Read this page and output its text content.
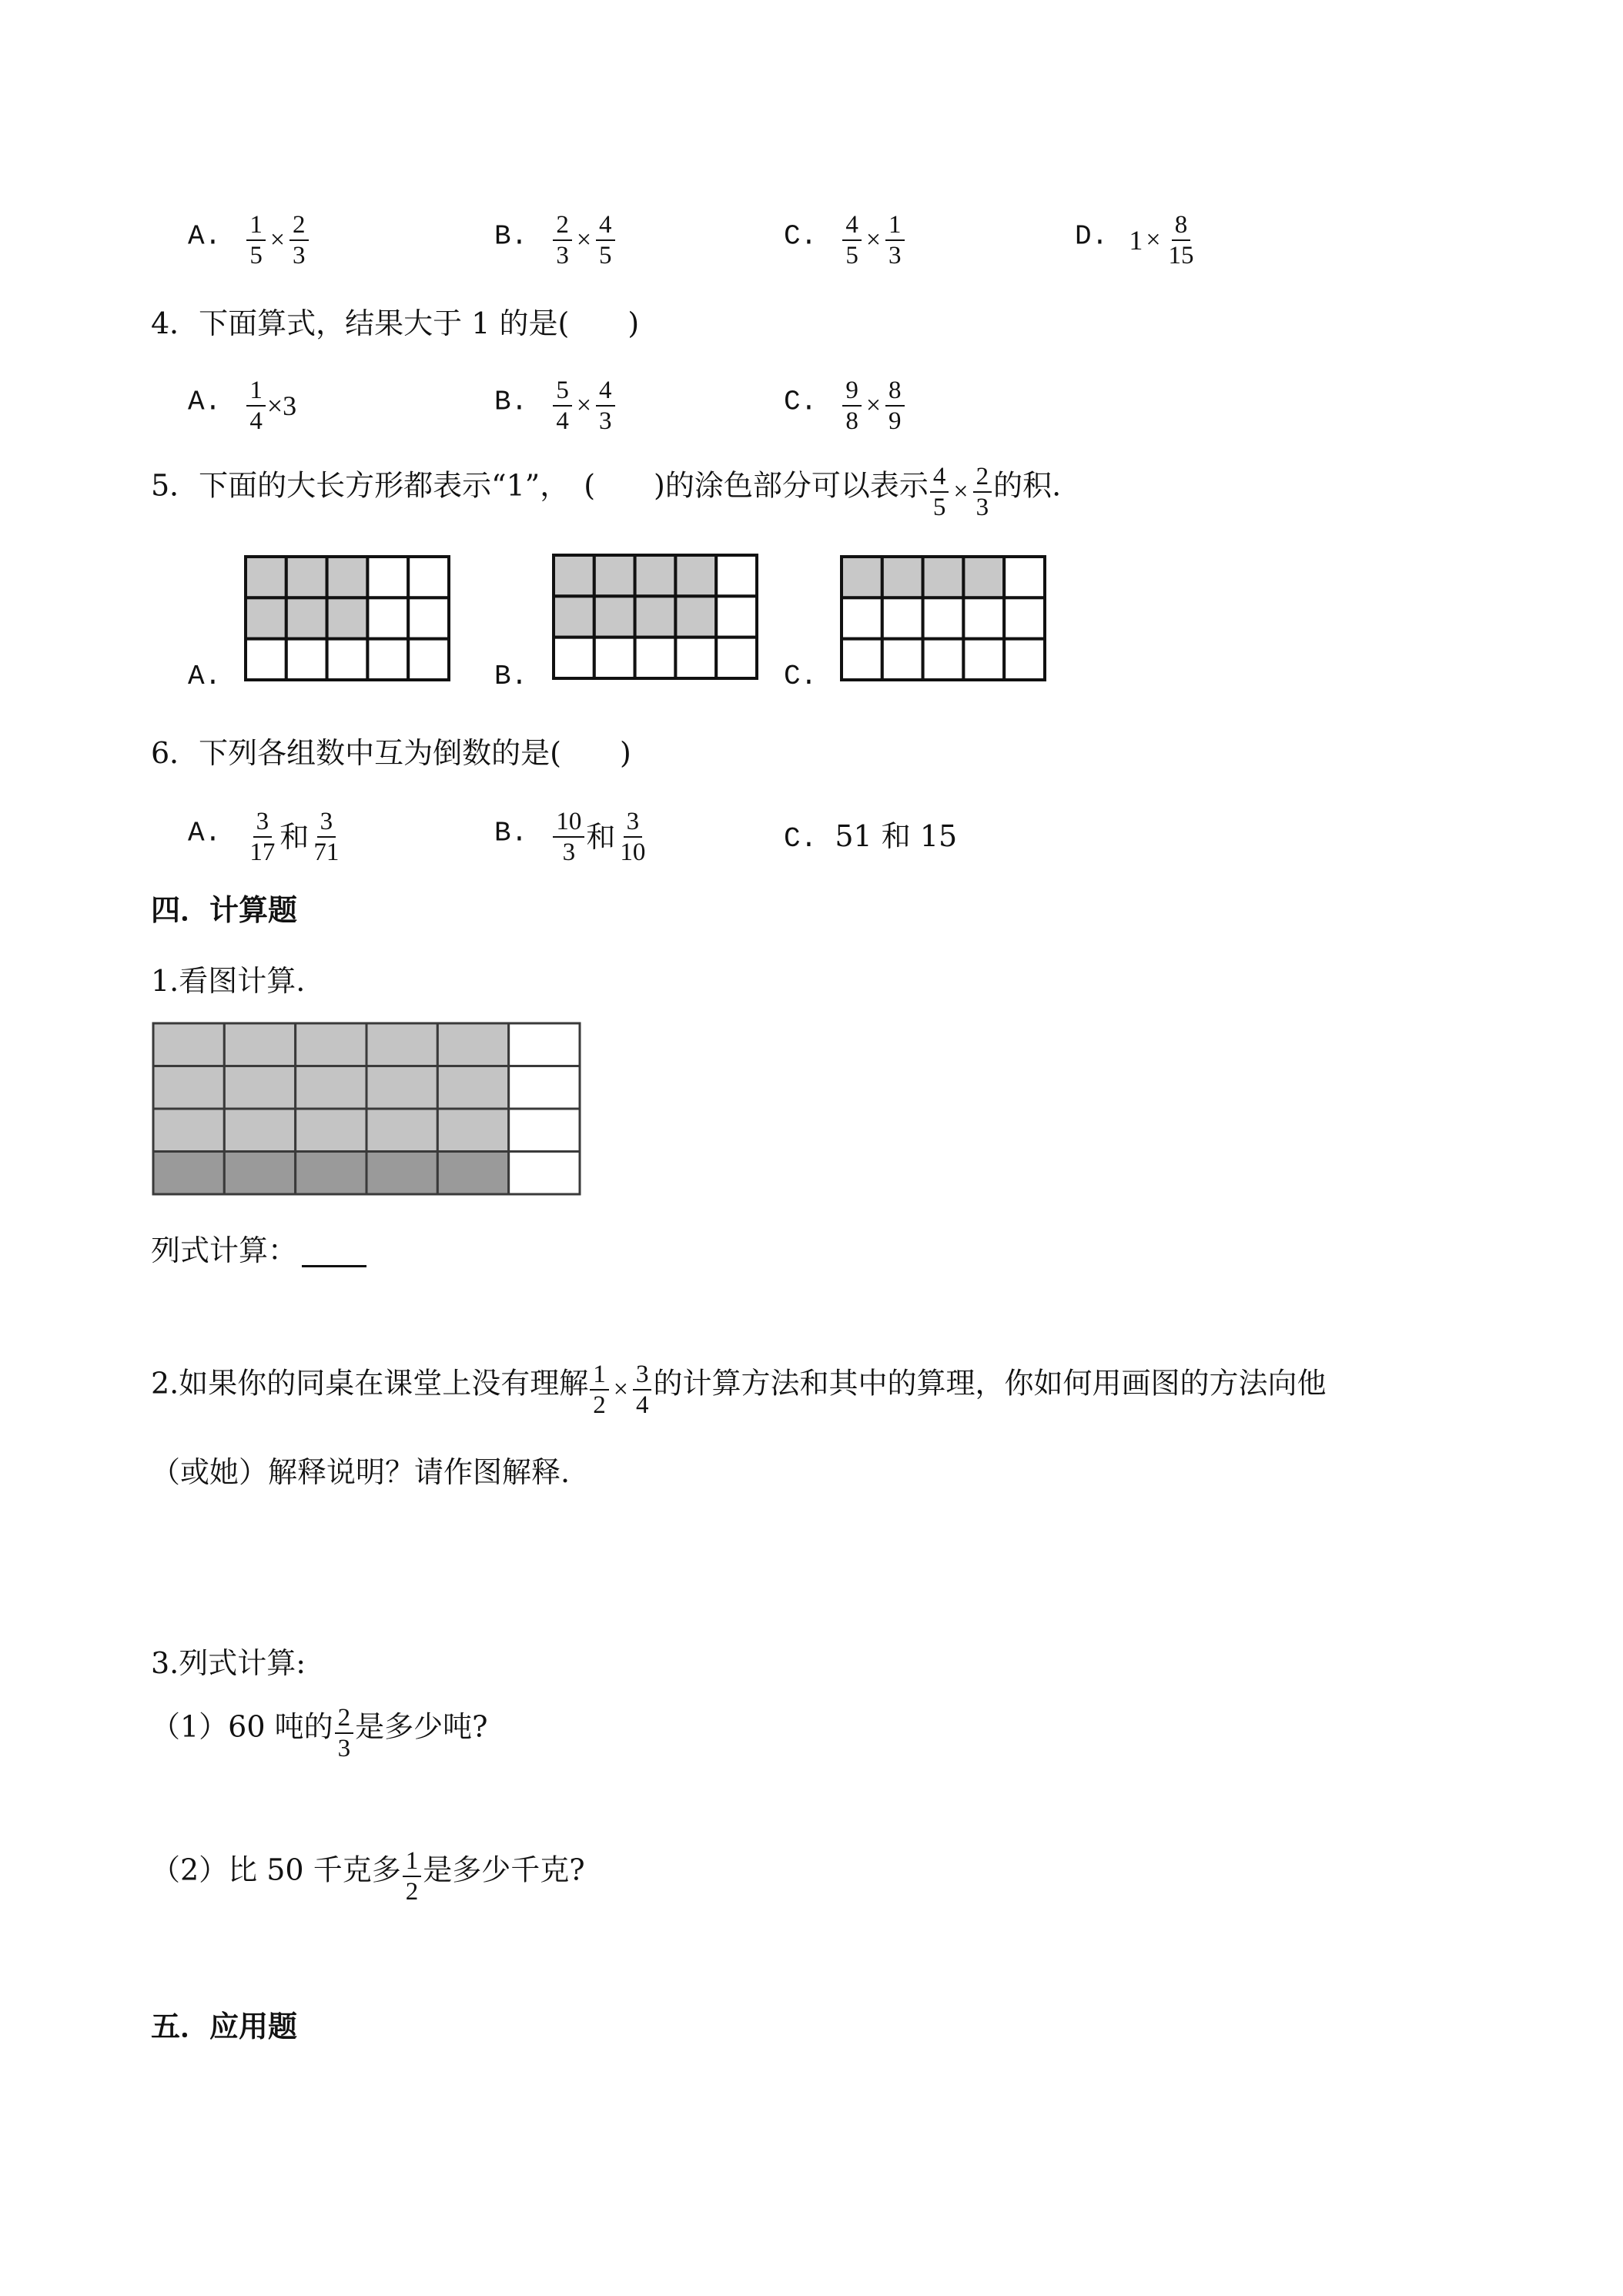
A. $\frac{1}{5} \times \frac{2}{3}$	B. $\frac{2}{3} \times \frac{4}{5}$	C. $\frac{4}{5} \times \frac{1}{3}$	D. $1 \times \frac{8}{15}$
4．下面算式，结果大于 1 的是(　　)
A. $\frac{1}{4} \times 3$	B. $\frac{5}{4} \times \frac{4}{3}$	C. $\frac{9}{8} \times \frac{8}{9}$
5．下面的大长方形都表示“1”，　(　　)的涂色部分可以表示 $\frac{4}{5} \times \frac{2}{3}$ 的积.
A.	B.	C.
6．下列各组数中互为倒数的是(　　)
A. $\frac{3}{17}$ 和 $\frac{3}{71}$	B. $\frac{10}{3}$ 和 $\frac{3}{10}$	C. 51 和 15
四．计算题
1.看图计算.
列式计算：
2.如果你的同桌在课堂上没有理解 $\frac{1}{2} \times \frac{3}{4}$ 的计算方法和其中的算理，你如何用画图的方法向他
（或她）解释说明？请作图解释.
3.列式计算:
（1）60 吨的 $\frac{2}{3}$ 是多少吨?
（2）比 50 千克多 $\frac{1}{2}$ 是多少千克?
五．应用题
